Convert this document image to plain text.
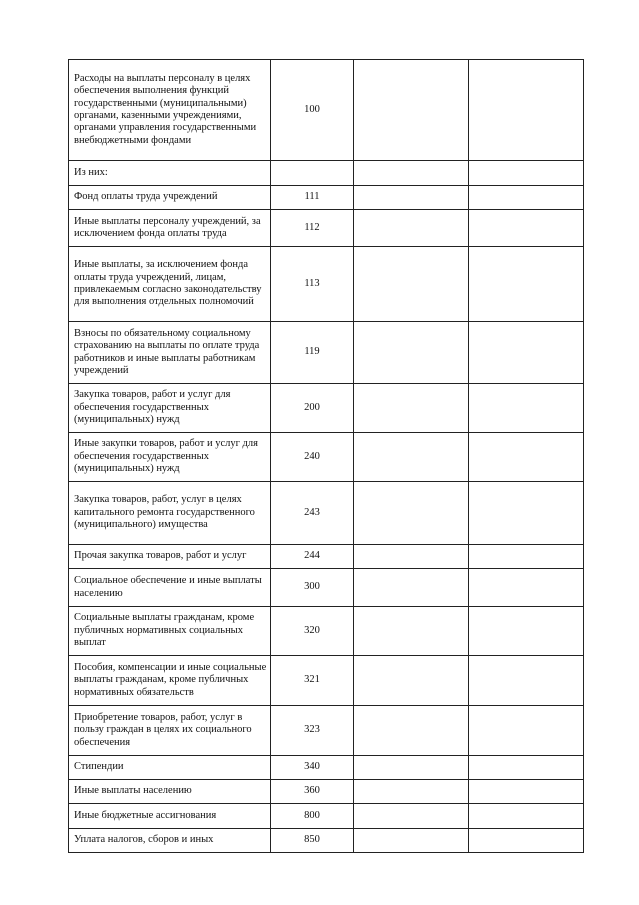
Расходы на выплаты персоналу в целях обеспечения выполнения функций государственными (муниципальными) органами, казенными учреждениями, органами управления государственными внебюджетными фондами	100		
Из них:			
Фонд оплаты труда учреждений	111		
Иные выплаты персоналу учреждений, за исключением фонда оплаты труда	112		
Иные выплаты, за исключением фонда оплаты труда учреждений, лицам, привлекаемым согласно законодательству для выполнения отдельных полномочий	113		
Взносы по обязательному социальному страхованию на выплаты по оплате труда работников и иные выплаты работникам учреждений	119		
Закупка товаров, работ и услуг для обеспечения государственных (муниципальных) нужд	200		
Иные закупки товаров, работ и услуг для обеспечения государственных (муниципальных) нужд	240		
Закупка товаров, работ, услуг в целях капитального ремонта государственного (муниципального) имущества	243		
Прочая закупка товаров, работ и услуг	244		
Социальное обеспечение и иные выплаты населению	300		
Социальные выплаты гражданам, кроме публичных нормативных социальных выплат	320		
Пособия, компенсации и иные социальные выплаты гражданам, кроме публичных нормативных обязательств	321		
Приобретение товаров, работ, услуг в пользу граждан в целях их социального обеспечения	323		
Стипендии	340		
Иные выплаты населению	360		
Иные бюджетные ассигнования	800		
Уплата налогов, сборов и иных	850		
